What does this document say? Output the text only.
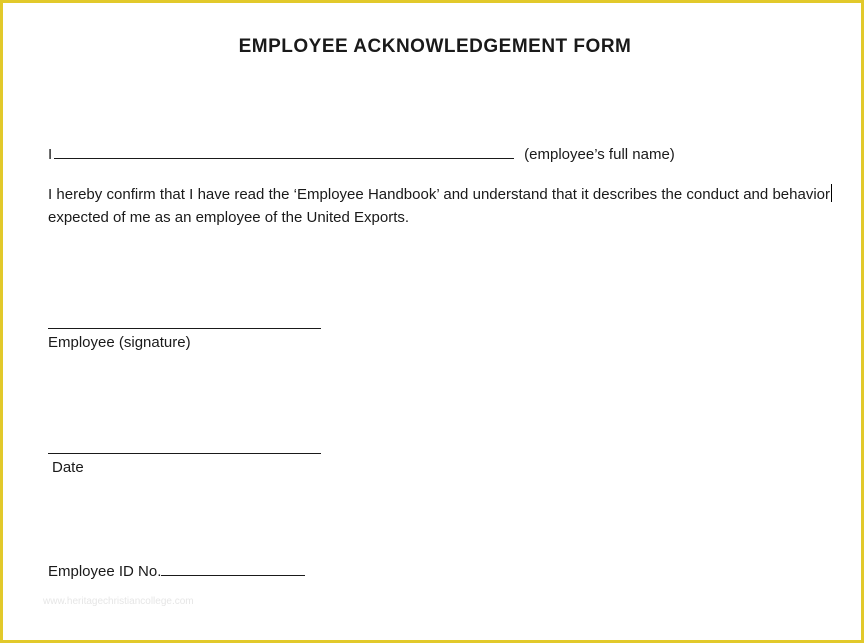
EMPLOYEE ACKNOWLEDGEMENT FORM
I	(employee’s full name)
I hereby confirm that I have read the ‘Employee Handbook’ and understand that it describes the conduct and behavior expected of me as an employee of the United Exports.
Employee (signature)
Date
Employee ID No.
www.heritagechristiancollege.com
